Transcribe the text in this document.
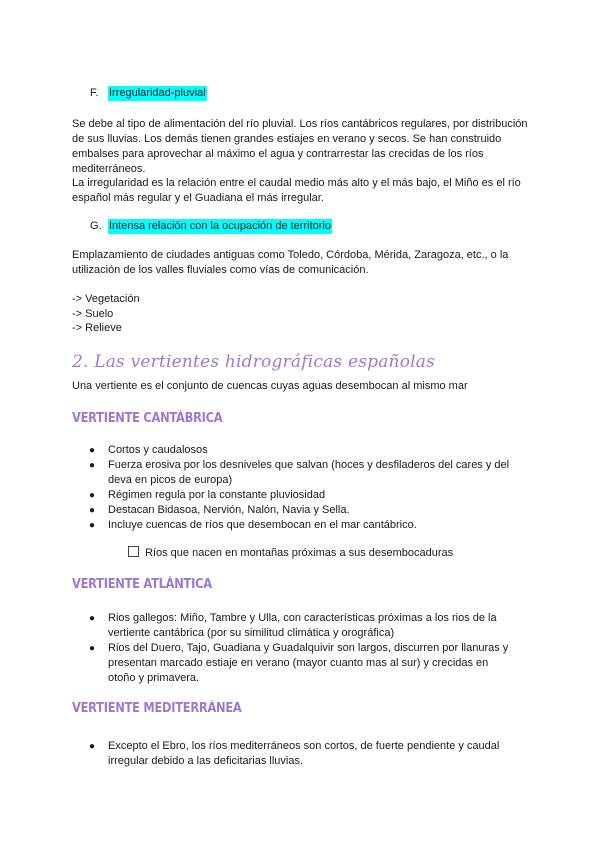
F. Irregularidad-pluvial

Se debe al tipo de alimentación del río pluvial. Los ríos cantábricos regulares, por distribución de sus lluvias. Los demás tienen grandes estiajes en verano y secos. Se han construido embalses para aprovechar al máximo el agua y contrarrestar las crecidas de los ríos mediterráneos.

La irregularidad es la relación entre el caudal medio más alto y el más bajo, el Miño es el río español más regular y el Guadiana el más irregular.

G. Intensa relación con la ocupación de territorio

Emplazamiento de ciudades antiguas como Toledo, Córdoba, Mérida, Zaragoza, etc., o la utilización de los valles fluviales como vías de comunicación.

-> Vegetación

-> Suelo

-> Relieve

2. Las vertientes hidrográficas españolas

Una vertiente es el conjunto de cuencas cuyas aguas desembocan al mismo mar

VERTIENTE CANTÁBRICA
● Cortos y caudalosos
● Fuerza erosiva por los desniveles que salvan (hoces y desfiladeros del cares y del deva en picos de europa)
● Régimen regula por la constante pluviosidad
● Destacan Bidasoa, Nervión, Nalón, Navia y Sella.
● Incluye cuencas de ríos que desembocan en el mar cantábrico.
Ríos que nacen en montañas próximas a sus desembocaduras
VERTIENTE ATLÁNTICA
● Rios gallegos: Miño, Tambre y Ulla, con características próximas a los rios de la vertiente cantábrica (por su similitud climática y orográfica)
● Rios del Duero, Tajo, Guadiana y Guadalquivir son largos, discurren por llanuras y presentan marcado estiaje en verano (mayor cuanto mas al sur) y crecidas en otoño y primavera.
VERTIENTE MEDITERRÁNEA
● Excepto el Ebro, los ríos mediterráneos son cortos, de fuerte pendiente y caudal irregular debido a las deficitarias lluvias.
